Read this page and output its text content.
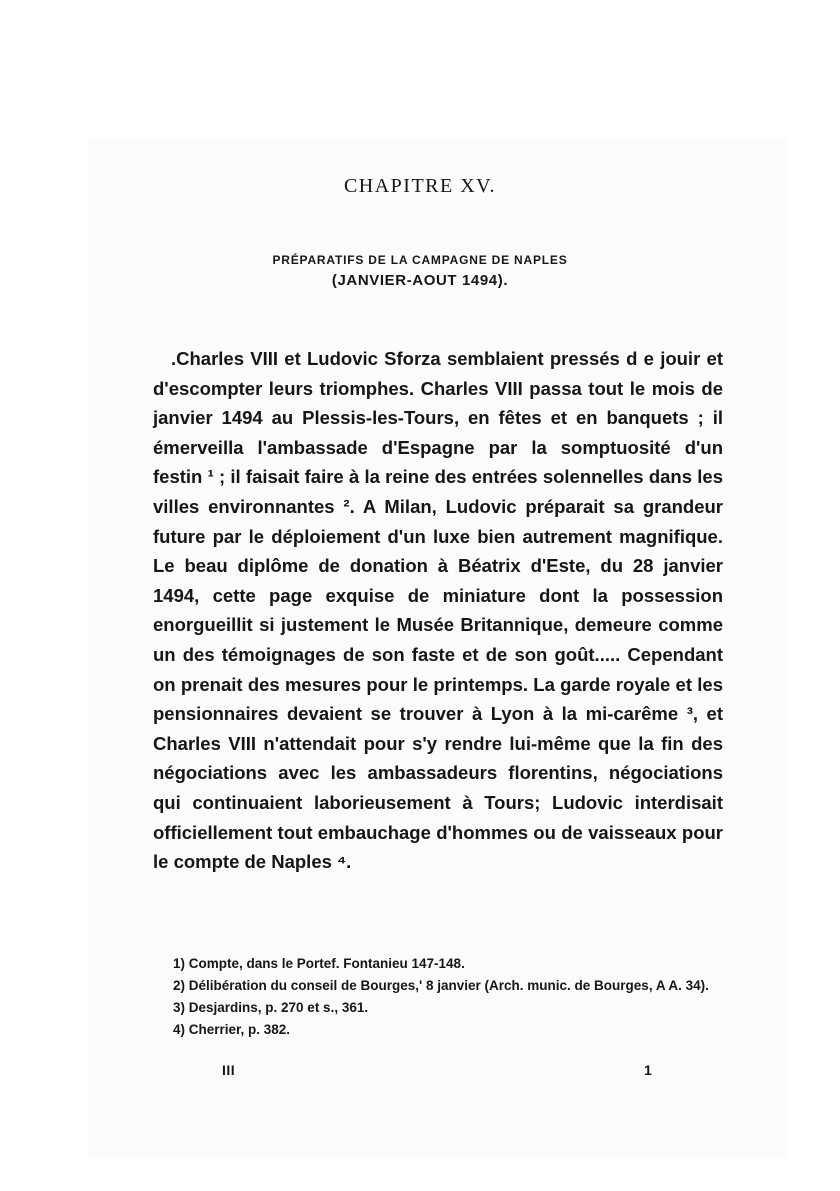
CHAPITRE XV.
PRÉPARATIFS DE LA CAMPAGNE DE NAPLES
(JANVIER-AOUT 1494).

.Charles VIII et Ludovic Sforza semblaient pressés d e jouir et d'escompter leurs triomphes. Charles VIII passa tout le mois de janvier 1494 au Plessis-les-Tours, en fêtes et en banquets ; il émerveilla l'ambassade d'Espagne par la somptuosité d'un festin ¹ ; il faisait faire à la reine des entrées solennelles dans les villes environnantes ². A Milan, Ludovic préparait sa grandeur future par le déploiement d'un luxe bien autrement magnifique. Le beau diplôme de donation à Béatrix d'Este, du 28 janvier 1494, cette page exquise de miniature dont la possession enorgueillit si justement le Musée Britannique, demeure comme un des témoignages de son faste et de son goût..... Cependant on prenait des mesures pour le printemps. La garde royale et les pensionnaires devaient se trouver à Lyon à la mi-carême ³, et Charles VIII n'attendait pour s'y rendre lui-même que la fin des négociations avec les ambassadeurs florentins, négociations qui continuaient laborieusement à Tours; Ludovic interdisait officiellement tout embauchage d'hommes ou de vaisseaux pour le compte de Naples ⁴.

1) Compte, dans le Portef. Fontanieu 147-148.

2) Délibération du conseil de Bourges,' 8 janvier (Arch. munic. de Bourges, A A. 34).

3) Desjardins, p. 270 et s., 361.

4) Cherrier, p. 382.

III	1
